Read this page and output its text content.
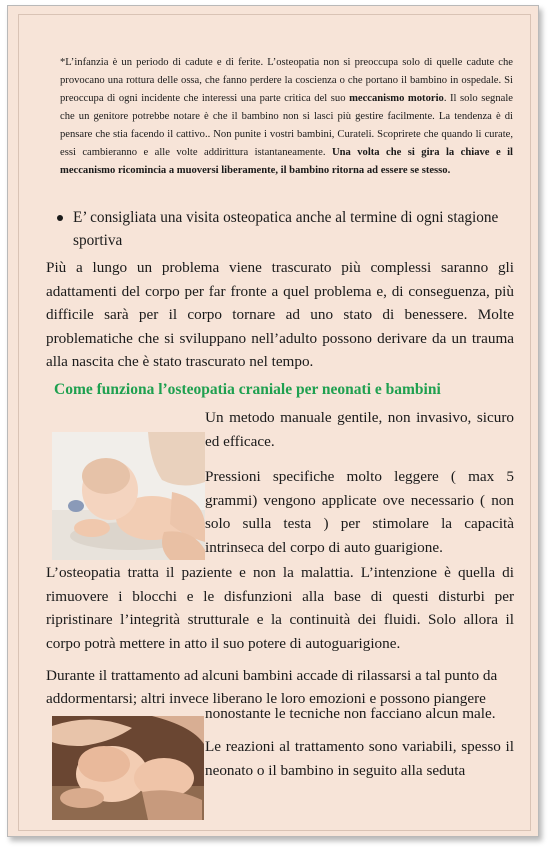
*L’infanzia è un periodo di cadute e di ferite. L’osteopatia non si preoccupa solo di quelle cadute che provocano una rottura delle ossa, che fanno perdere la coscienza o che portano il bambino in ospedale. Si preoccupa di ogni incidente che interessi una parte critica del suo meccanismo motorio. Il solo segnale che un genitore potrebbe notare è che il bambino non si lasci più gestire facilmente. La tendenza è di pensare che stia facendo il cattivo.. Non punite i vostri bambini, Curateli. Scoprirete che quando li curate, essi cambieranno e alle volte addirittura istantaneamente. Una volta che si gira la chiave e il meccanismo ricomincia a muoversi liberamente, il bambino ritorna ad essere se stesso.
E’ consigliata una visita osteopatica anche al termine di ogni stagione sportiva
Più a lungo un problema viene trascurato più complessi saranno gli adattamenti del corpo per far fronte a quel problema e, di conseguenza, più difficile sarà per il corpo tornare ad uno stato di benessere. Molte problematiche che si sviluppano nell’adulto possono derivare da un trauma alla nascita che è stato trascurato nel tempo.
Come funziona l’osteopatia craniale per neonati e bambini
Un metodo manuale gentile, non invasivo, sicuro ed efficace.
Pressioni specifiche molto leggere ( max 5 grammi) vengono applicate ove necessario ( non solo sulla testa ) per stimolare la capacità intrinseca del corpo di auto guarigione.
L’osteopatia tratta il paziente e non la malattia. L’intenzione è quella di rimuovere i blocchi e le disfunzioni alla base di questi disturbi per ripristinare l’integrità strutturale e la continuità dei fluidi. Solo allora il corpo potrà mettere in atto il suo potere di autoguarigione.
Durante il trattamento ad alcuni bambini accade di rilassarsi a tal punto da
addormentarsi; altri invece liberano le loro emozioni e possono piangere
nonostante le tecniche non facciano alcun male.
Le reazioni al trattamento sono variabili, spesso il neonato o il bambino in seguito alla seduta
